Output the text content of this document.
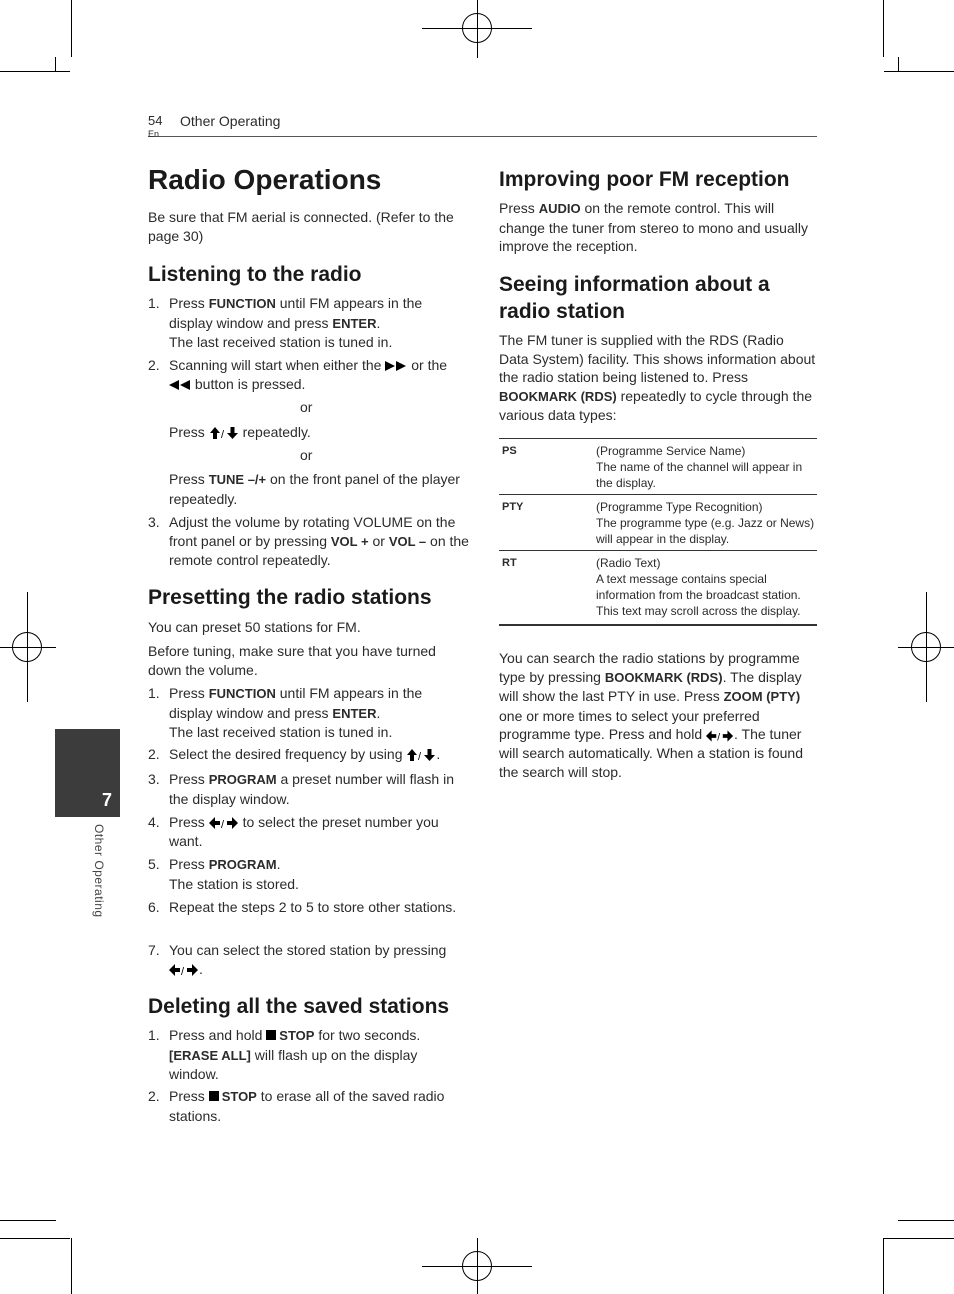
54
En
Other Operating
7
Other Operating
Radio Operations

Be sure that FM aerial is connected. (Refer to the page 30)

Listening to the radio
1. Press FUNCTION until FM appears in the display window and press ENTER.
The last received station is tuned in.
2. Scanning will start when either the or the  button is pressed.
or
Press / repeatedly.
or
Press TUNE –/+ on the front panel of the player repeatedly.
3. Adjust the volume by rotating VOLUME on the front panel or by pressing VOL + or VOL – on the remote control repeatedly.
Presetting the radio stations

You can preset 50 stations for FM.

Before tuning, make sure that you have turned down the volume.

1. Press FUNCTION until FM appears in the display window and press ENTER.
The last received station is tuned in.
2. Select the desired frequency by using / .
3. Press PROGRAM a preset number will flash in the display window.
4. Press / to select the preset number you want.
5. Press PROGRAM.
The station is stored.
6. Repeat the steps 2 to 5 to store other stations.
7. You can select the stored station by pressing
/ .
Deleting all the saved stations
1. Press and hold STOP for two seconds.
[ERASE ALL] will flash up on the display window.
2. Press STOP to erase all of the saved radio stations.
Improving poor FM reception

Press AUDIO on the remote control. This will change the tuner from stereo to mono and usually improve the reception.

Seeing information about a radio station

The FM tuner is supplied with the RDS (Radio Data System) facility. This shows information about the radio station being listened to. Press BOOKMARK (RDS) repeatedly to cycle through the various data types:

PS	(Programme Service Name)
The name of the channel will appear in the display.
PTY	(Programme Type Recognition)
The programme type (e.g. Jazz or News) will appear in the display.
RT	(Radio Text)
A text message contains special information from the broadcast station. This text may scroll across the display.

You can search the radio stations by programme type by pressing BOOKMARK (RDS). The display will show the last PTY in use. Press ZOOM (PTY) one or more times to select your preferred programme type. Press and hold / . The tuner will search automatically. When a station is found the search will stop.
